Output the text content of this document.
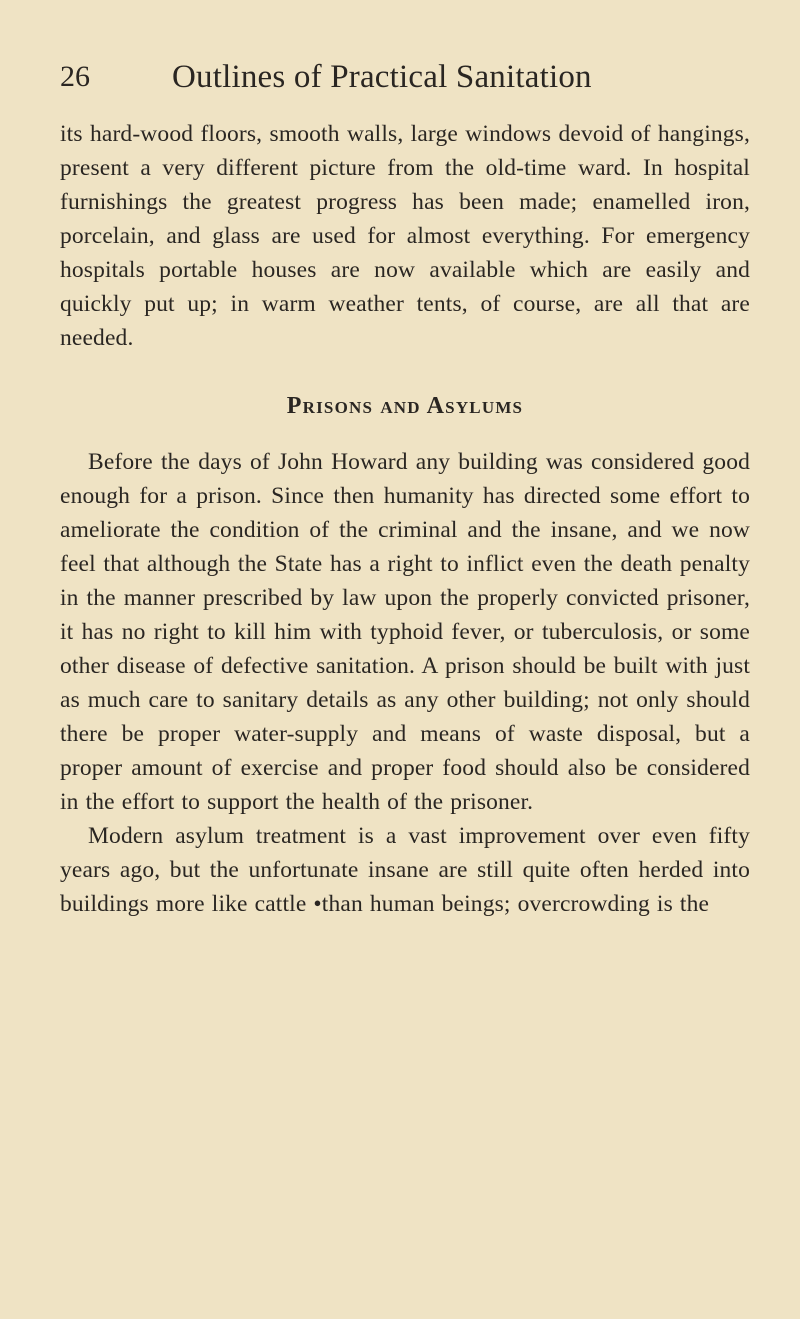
26 Outlines of Practical Sanitation

its hard-wood floors, smooth walls, large windows devoid of hangings, present a very different picture from the old-time ward. In hospital furnishings the greatest progress has been made; enamelled iron, porcelain, and glass are used for almost everything. For emergency hospitals portable houses are now available which are easily and quickly put up; in warm weather tents, of course, are all that are needed.

Prisons and Asylums

Before the days of John Howard any building was considered good enough for a prison. Since then humanity has directed some effort to ameliorate the condition of the criminal and the insane, and we now feel that although the State has a right to inflict even the death penalty in the manner prescribed by law upon the properly convicted prisoner, it has no right to kill him with typhoid fever, or tuberculosis, or some other disease of defective sanitation. A prison should be built with just as much care to sanitary details as any other building; not only should there be proper water-supply and means of waste disposal, but a proper amount of exercise and proper food should also be considered in the effort to support the health of the prisoner.

Modern asylum treatment is a vast improvement over even fifty years ago, but the unfortunate insane are still quite often herded into buildings more like cattle •than human beings; overcrowding is the
